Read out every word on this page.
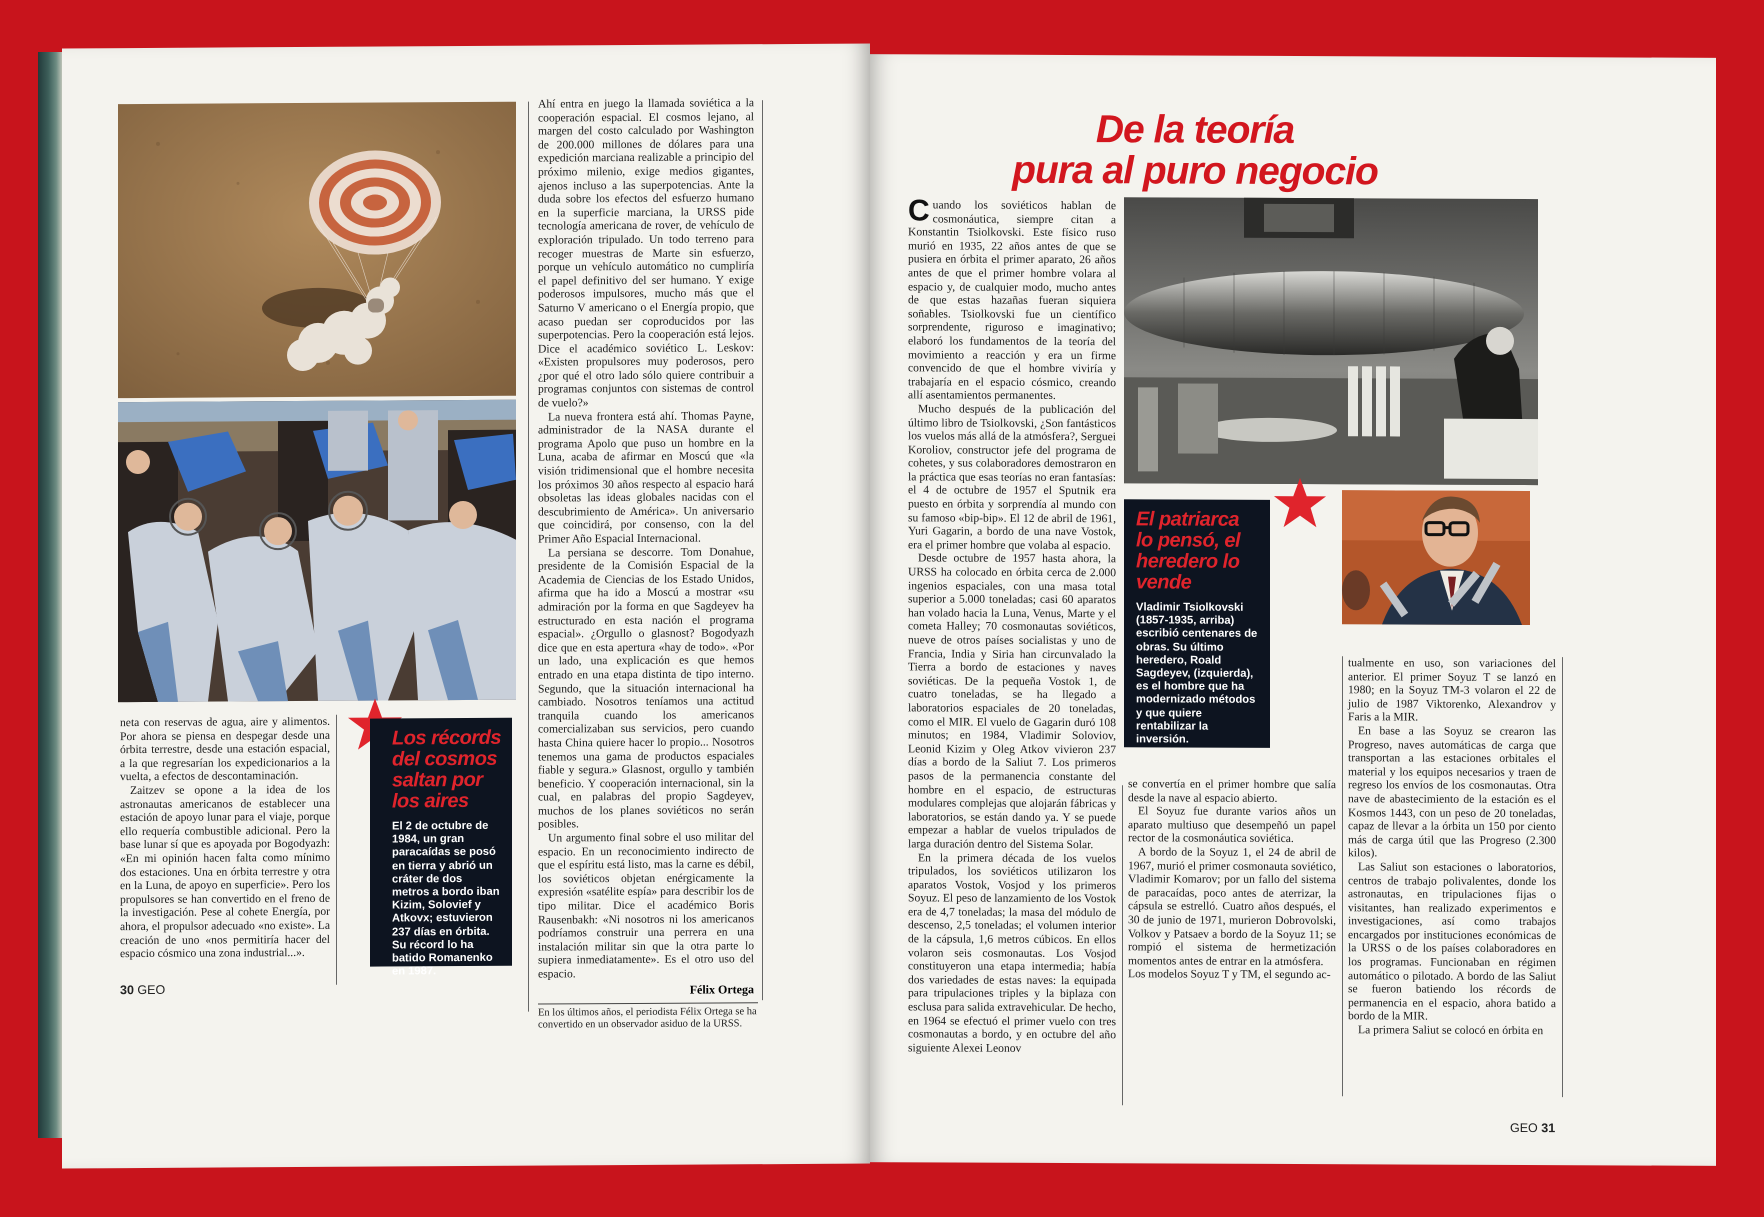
Ahí entra en juego la llamada soviética a la cooperación espacial. El cosmos lejano, al margen del costo calculado por Washington de 200.000 millones de dólares para una expedición marciana realizable a principio del próximo milenio, exige medios gigantes, ajenos incluso a las superpotencias. Ante la duda sobre los efectos del esfuerzo humano en la superficie marciana, la URSS pide tecnología americana de rover, de vehículo de exploración tripulado. Un todo terreno para recoger muestras de Marte sin esfuerzo, porque un vehículo automático no cumpliría el papel definitivo del ser humano. Y exige poderosos impulsores, mucho más que el Saturno V americano o el Energía propio, que acaso puedan ser coproducidos por las superpotencias. Pero la cooperación está lejos. Dice el académico soviético L. Leskov: «Existen propulsores muy poderosos, pero ¿por qué el otro lado sólo quiere contribuir a programas conjuntos con sistemas de control de vuelo?»

La nueva frontera está ahí. Thomas Payne, administrador de la NASA durante el programa Apolo que puso un hombre en la Luna, acaba de afirmar en Moscú que «la visión tridimensional que el hombre necesita los próximos 30 años respecto al espacio hará obsoletas las ideas globales nacidas con el descubrimiento de América». Un aniversario que coincidirá, por consenso, con la del Primer Año Espacial Internacional.

La persiana se descorre. Tom Donahue, presidente de la Comisión Espacial de la Academia de Ciencias de los Estado Unidos, afirma que ha ido a Moscú a mostrar «su admiración por la forma en que Sagdeyev ha estructurado en esta nación el programa espacial». ¿Orgullo o glasnost? Bogodyazh dice que en esta apertura «hay de todo». «Por un lado, una explicación es que hemos entrado en una etapa distinta de tipo interno. Segundo, que la situación internacional ha cambiado. Nosotros teníamos una actitud tranquila cuando los americanos comercializaban sus servicios, pero cuando hasta China quiere hacer lo propio... Nosotros tenemos una gama de productos espaciales fiable y segura.» Glasnost, orgullo y también beneficio. Y cooperación internacional, sin la cual, en palabras del propio Sagdeyev, muchos de los planes soviéticos no serán posibles.

Un argumento final sobre el uso militar del espacio. En un reconocimiento indirecto de que el espíritu está listo, mas la carne es débil, los soviéticos objetan enérgicamente la expresión «satélite espía» para describir los de tipo militar. Dice el académico Boris Rausenbakh: «Ni nosotros ni los americanos podríamos construir una perrera en una instalación militar sin que la otra parte lo supiera inmediatamente». Es el otro uso del espacio.

Félix Ortega
En los últimos años, el periodista Félix Ortega se ha convertido en un observador asiduo de la URSS.

neta con reservas de agua, aire y alimentos. Por ahora se piensa en despegar desde una órbita terrestre, desde una estación espacial, a la que regresarían los expedicionarios a la vuelta, a efectos de descontaminación.

Zaitzev se opone a la idea de los astronautas americanos de establecer una estación de apoyo lunar para el viaje, porque ello requería combustible adicional. Pero la base lunar sí que es apoyada por Bogodyazh: «En mi opinión hacen falta como mínimo dos estaciones. Una en órbita terrestre y otra en la Luna, de apoyo en superficie». Pero los propulsores se han convertido en el freno de la investigación. Pese al cohete Energía, por ahora, el propulsor adecuado «no existe». La creación de uno «nos permitiría hacer del espacio cósmico una zona industrial...».

Los récords del cosmos saltan por los aires
El 2 de octubre de 1984, un gran paracaídas se posó en tierra y abrió un cráter de dos metros a bordo iban Kizim, Solovief y Atkovx; estuvieron 237 días en órbita. Su récord lo ha batido Romanenko en 1987.
30 GEO
De la teoría
pura al puro negocio

Cuando los soviéticos hablan de cosmonáutica, siempre citan a Konstantin Tsiolkovski. Este físico ruso murió en 1935, 22 años antes de que se pusiera en órbita el primer aparato, 26 años antes de que el primer hombre volara al espacio y, de cualquier modo, mucho antes de que estas hazañas fueran siquiera soñables. Tsiolkovski fue un científico sorprendente, riguroso e imaginativo; elaboró los fundamentos de la teoría del movimiento a reacción y era un firme convencido de que el hombre viviría y trabajaría en el espacio cósmico, creando allí asentamientos permanentes.

Mucho después de la publicación del último libro de Tsiolkovski, ¿Son fantásticos los vuelos más allá de la atmósfera?, Serguei Koroliov, constructor jefe del programa de cohetes, y sus colaboradores demostraron en la práctica que esas teorías no eran fantasías: el 4 de octubre de 1957 el Sputnik era puesto en órbita y sorprendía al mundo con su famoso «bip-bip». El 12 de abril de 1961, Yuri Gagarin, a bordo de una nave Vostok, era el primer hombre que volaba al espacio.

Desde octubre de 1957 hasta ahora, la URSS ha colocado en órbita cerca de 2.000 ingenios espaciales, con una masa total superior a 5.000 toneladas; casi 60 aparatos han volado hacia la Luna, Venus, Marte y el cometa Halley; 70 cosmonautas soviéticos, nueve de otros países socialistas y uno de Francia, India y Siria han circunvalado la Tierra a bordo de estaciones y naves soviéticas. De la pequeña Vostok 1, de cuatro toneladas, se ha llegado a laboratorios espaciales de 20 toneladas, como el MIR. El vuelo de Gagarin duró 108 minutos; en 1984, Vladimir Soloviov, Leonid Kizim y Oleg Atkov vivieron 237 días a bordo de la Saliut 7. Los primeros pasos de la permanencia constante del hombre en el espacio, de estructuras modulares complejas que alojarán fábricas y laboratorios, se están dando ya. Y se puede empezar a hablar de vuelos tripulados de larga duración dentro del Sistema Solar.

En la primera década de los vuelos tripulados, los soviéticos utilizaron los aparatos Vostok, Vosjod y los primeros Soyuz. El peso de lanzamiento de los Vostok era de 4,7 toneladas; la masa del módulo de descenso, 2,5 toneladas; el volumen interior de la cápsula, 1,6 metros cúbicos. En ellos volaron seis cosmonautas. Los Vosjod constituyeron una etapa intermedia; había dos variedades de estas naves: la equipada para tripulaciones triples y la biplaza con esclusa para salida extravehicular. De hecho, en 1964 se efectuó el primer vuelo con tres cosmonautas a bordo, y en octubre del año siguiente Alexei Leonov

El patriarca lo pensó, el heredero lo vende
Vladimir Tsiolkovski (1857-1935, arriba) escribió centenares de obras. Su último heredero, Roald Sagdeyev, (izquierda), es el hombre que ha modernizado métodos y que quiere rentabilizar la inversión.

se convertía en el primer hombre que salía desde la nave al espacio abierto.

El Soyuz fue durante varios años un aparato multiuso que desempeñó un papel rector de la cosmonáutica soviética.

A bordo de la Soyuz 1, el 24 de abril de 1967, murió el primer cosmonauta soviético, Vladimir Komarov; por un fallo del sistema de paracaídas, poco antes de aterrizar, la cápsula se estrelló. Cuatro años después, el 30 de junio de 1971, murieron Dobrovolski, Volkov y Patsaev a bordo de la Soyuz 11; se rompió el sistema de hermetización momentos antes de entrar en la atmósfera.

Los modelos Soyuz T y TM, el segundo ac-

tualmente en uso, son variaciones del anterior. El primer Soyuz T se lanzó en 1980; en la Soyuz TM-3 volaron el 22 de julio de 1987 Viktorenko, Alexandrov y Faris a la MIR.

En base a las Soyuz se crearon las Progreso, naves automáticas de carga que transportan a las estaciones orbitales el material y los equipos necesarios y traen de regreso los envíos de los cosmonautas. Otra nave de abastecimiento de la estación es el Kosmos 1443, con un peso de 20 toneladas, capaz de llevar a la órbita un 150 por ciento más de carga útil que las Progreso (2.300 kilos).

Las Saliut son estaciones o laboratorios, centros de trabajo polivalentes, donde los astronautas, en tripulaciones fijas o visitantes, han realizado experimentos e investigaciones, así como trabajos encargados por instituciones económicas de la URSS o de los países colaboradores en los programas. Funcionaban en régimen automático o pilotado. A bordo de las Saliut se fueron batiendo los récords de permanencia en el espacio, ahora batido a bordo de la MIR.

La primera Saliut se colocó en órbita en

GEO 31
